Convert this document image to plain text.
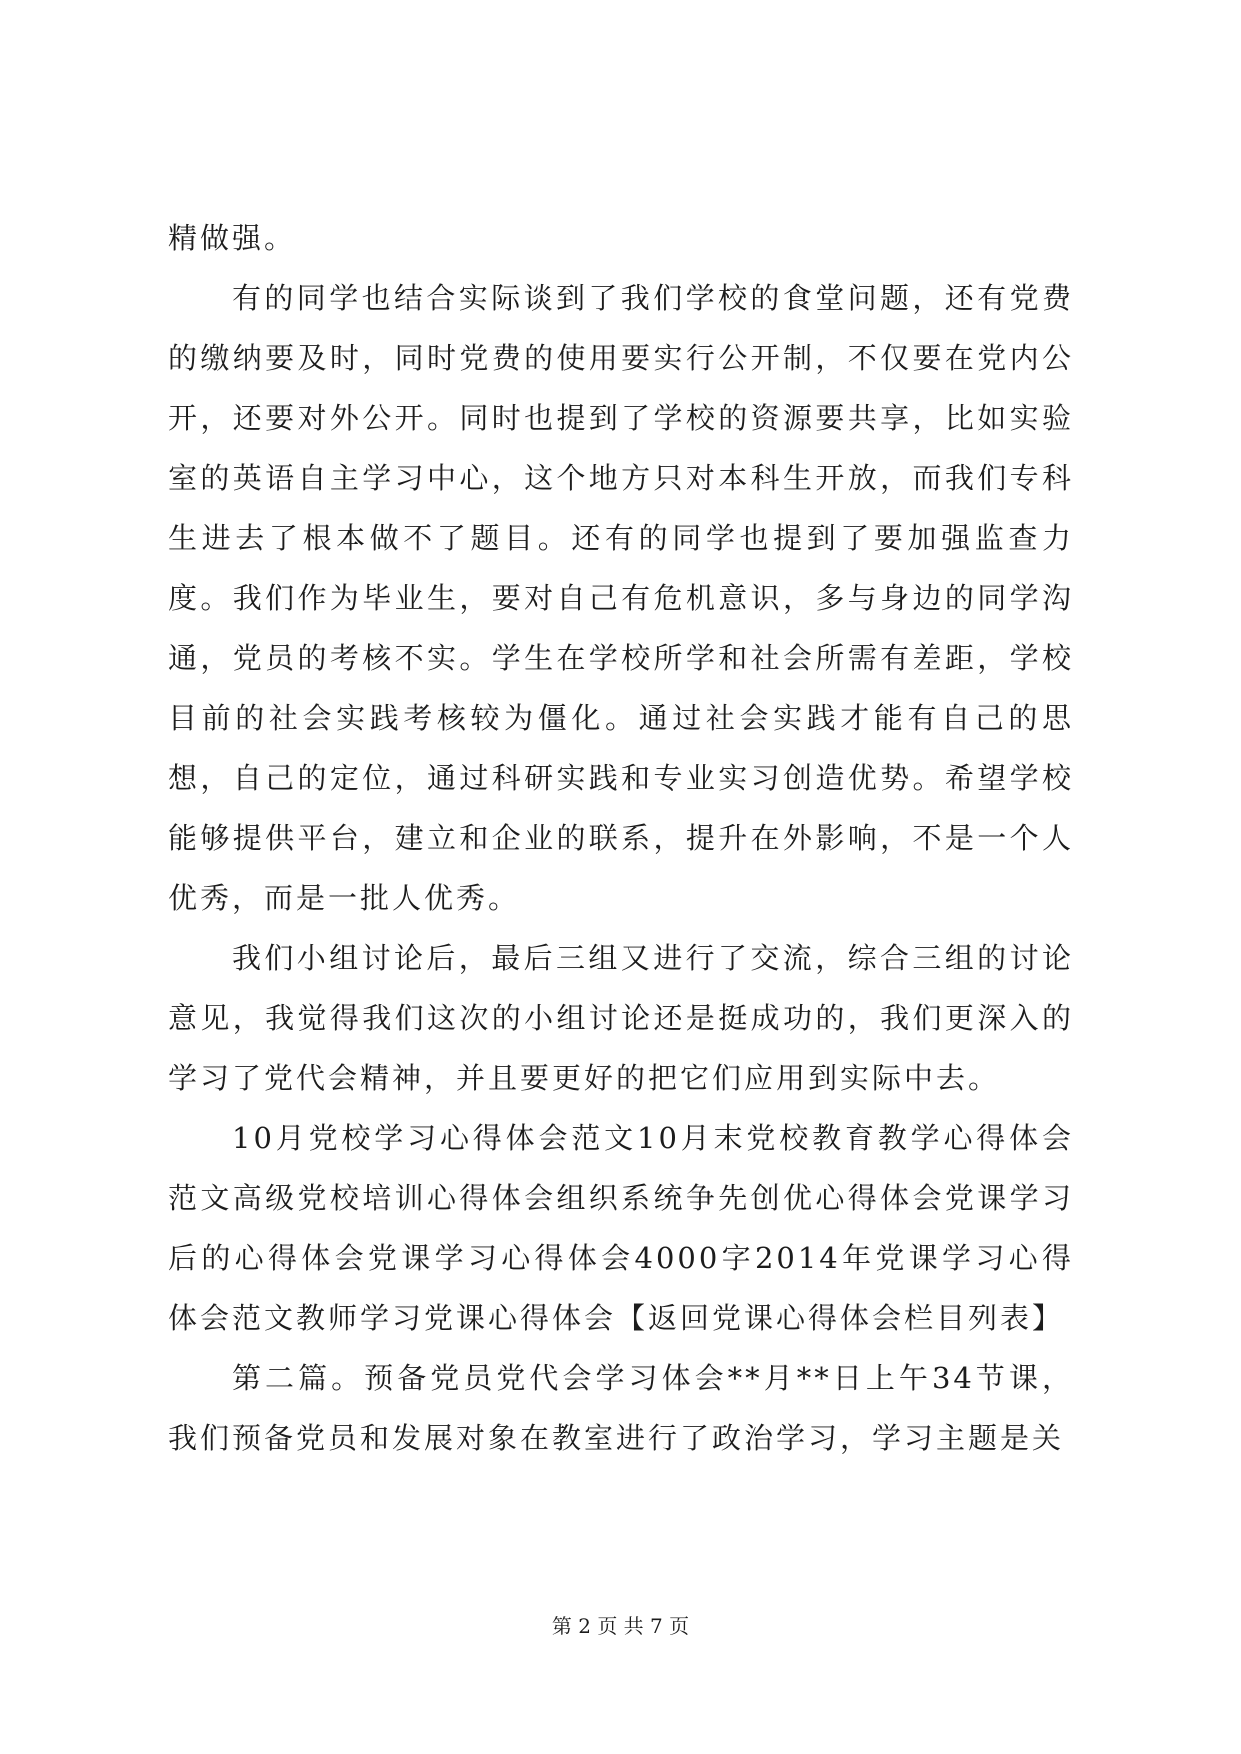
精做强。

有的同学也结合实际谈到了我们学校的食堂问题，还有党费的缴纳要及时，同时党费的使用要实行公开制，不仅要在党内公开，还要对外公开。同时也提到了学校的资源要共享，比如实验室的英语自主学习中心，这个地方只对本科生开放，而我们专科生进去了根本做不了题目。还有的同学也提到了要加强监查力度。我们作为毕业生，要对自己有危机意识，多与身边的同学沟通，党员的考核不实。学生在学校所学和社会所需有差距，学校目前的社会实践考核较为僵化。通过社会实践才能有自己的思想，自己的定位，通过科研实践和专业实习创造优势。希望学校能够提供平台，建立和企业的联系，提升在外影响，不是一个人优秀，而是一批人优秀。

我们小组讨论后，最后三组又进行了交流，综合三组的讨论意见，我觉得我们这次的小组讨论还是挺成功的，我们更深入的学习了党代会精神，并且要更好的把它们应用到实际中去。

10月党校学习心得体会范文10月末党校教育教学心得体会范文高级党校培训心得体会组织系统争先创优心得体会党课学习后的心得体会党课学习心得体会4000字2014年党课学习心得体会范文教师学习党课心得体会【返回党课心得体会栏目列表】

第二篇。预备党员党代会学习体会**月**日上午34节课，我们预备党员和发展对象在教室进行了政治学习，学习主题是关

第 2 页 共 7 页
